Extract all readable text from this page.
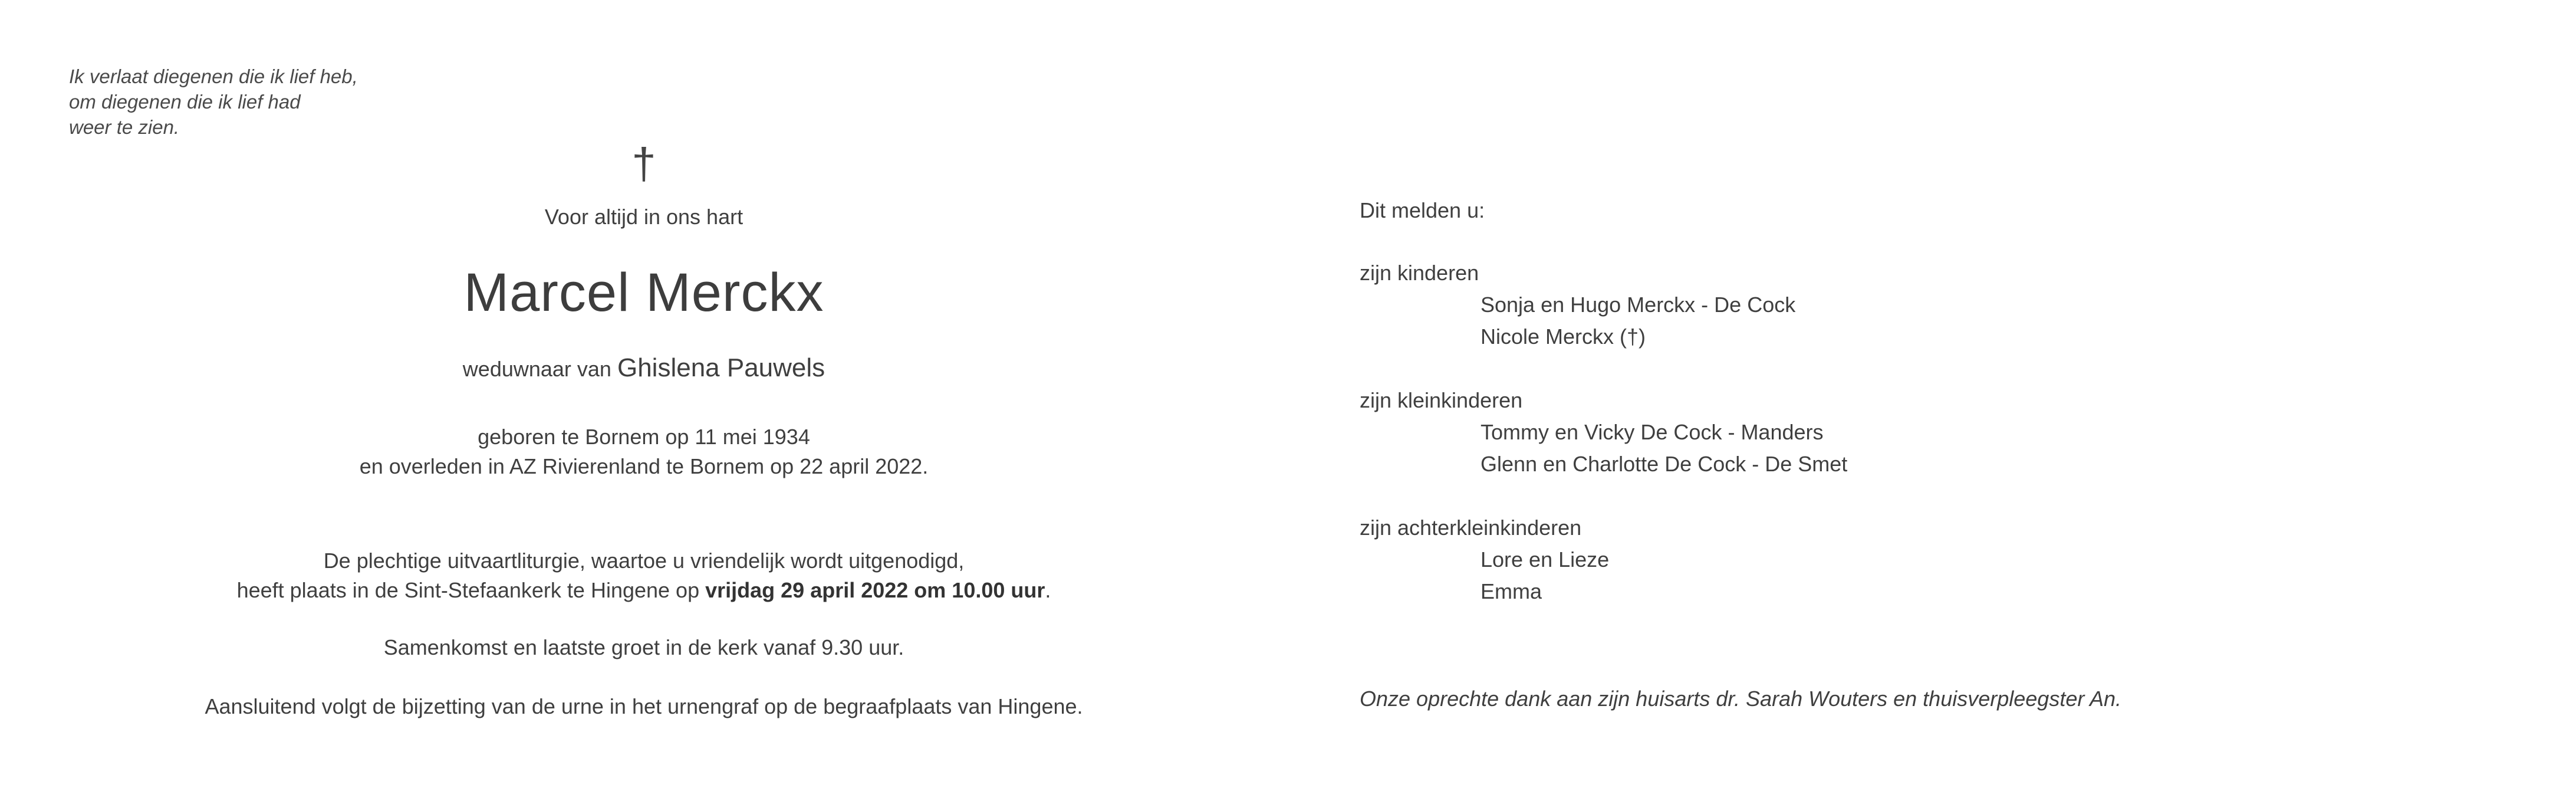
Ik verlaat diegenen die ik lief heb,
om diegenen die ik lief had
weer te zien.
†
Voor altijd in ons hart
Marcel Merckx
weduwnaar van Ghislena Pauwels
geboren te Bornem op 11 mei 1934
en overleden in AZ Rivierenland te Bornem op 22 april 2022.
De plechtige uitvaartliturgie, waartoe u vriendelijk wordt uitgenodigd,
heeft plaats in de Sint-Stefaankerk te Hingene op vrijdag 29 april 2022 om 10.00 uur.
Samenkomst en laatste groet in de kerk vanaf 9.30 uur.
Aansluitend volgt de bijzetting van de urne in het urnengraf op de begraafplaats van Hingene.
Dit melden u:
zijn kinderen
Sonja en Hugo Merckx - De Cock
Nicole Merckx (†)
zijn kleinkinderen
Tommy en Vicky De Cock - Manders
Glenn en Charlotte De Cock - De Smet
zijn achterkleinkinderen
Lore en Lieze
Emma
Onze oprechte dank aan zijn huisarts dr. Sarah Wouters en thuisverpleegster An.
